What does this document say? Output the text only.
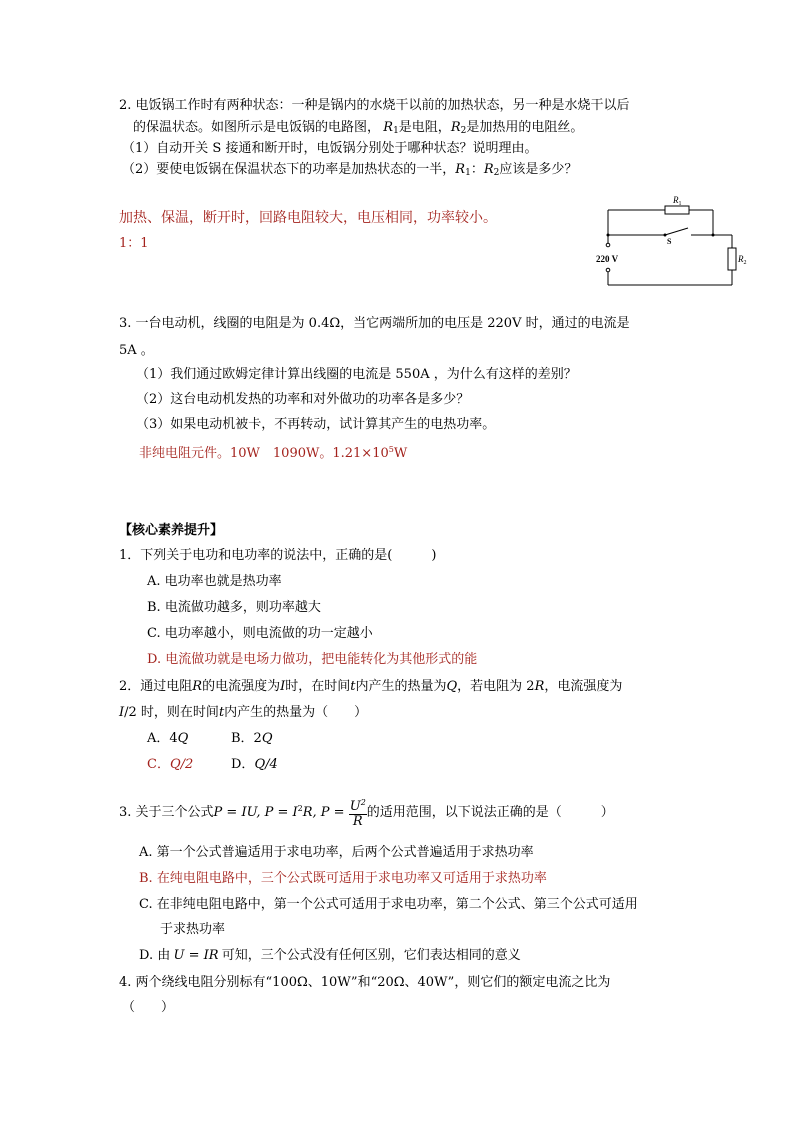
2. 电饭锅工作时有两种状态：一种是锅内的水烧干以前的加热状态，另一种是水烧干以后
的保温状态。如图所示是电饭锅的电路图，  $R_1$是电阻，$R_2$是加热用的电阻丝。
（1）自动开关 S 接通和断开时，电饭锅分别处于哪种状态？说明理由。
（2）要使电饭锅在保温状态下的功率是加热状态的一半，$R_1$：$R_2$应该是多少？
加热、保温，断开时，回路电阻较大，电压相同，功率较小。
1：1
$R_1$
S
$R_2$
220 V
3. 一台电动机，线圈的电阻是为 0.4Ω，当它两端所加的电压是 220V 时，通过的电流是
5A 。
（1）我们通过欧姆定律计算出线圈的电流是 550A ，为什么有这样的差别？
（2）这台电动机发热的功率和对外做功的功率各是多少？
（3）如果电动机被卡，不再转动，试计算其产生的电热功率。
非纯电阻元件。10W　1090W。$1.21\times 10^5W$
【核心素养提升】
1．下列关于电功和电功率的说法中，正确的是(　　　)
A. 电功率也就是热功率
B. 电流做功越多，则功率越大
C. 电功率越小，则电流做的功一定越小
D. 电流做功就是电场力做功，把电能转化为其他形式的能
2．通过电阻R的电流强度为I时，在时间t内产生的热量为Q，若电阻为 2R，电流强度为
I/2 时，则在时间t内产生的热量为（　　）
A．4Q	B．2Q
C．Q/2	D．Q/4
3. 关于三个公式P = IU, $P = I^2R$, $P = \frac{U^2}{R}$ 的适用范围，以下说法正确的是（　　　）
A. 第一个公式普遍适用于求电功率，后两个公式普遍适用于求热功率
B. 在纯电阻电路中，三个公式既可适用于求电功率又可适用于求热功率
C. 在非纯电阻电路中，第一个公式可适用于求电功率，第二个公式、第三个公式可适用
于求热功率
D. 由  U = IR  可知，三个公式没有任何区别，它们表达相同的意义
4. 两个绕线电阻分别标有“100Ω、10W”和“20Ω、40W”，则它们的额定电流之比为
（　　）
